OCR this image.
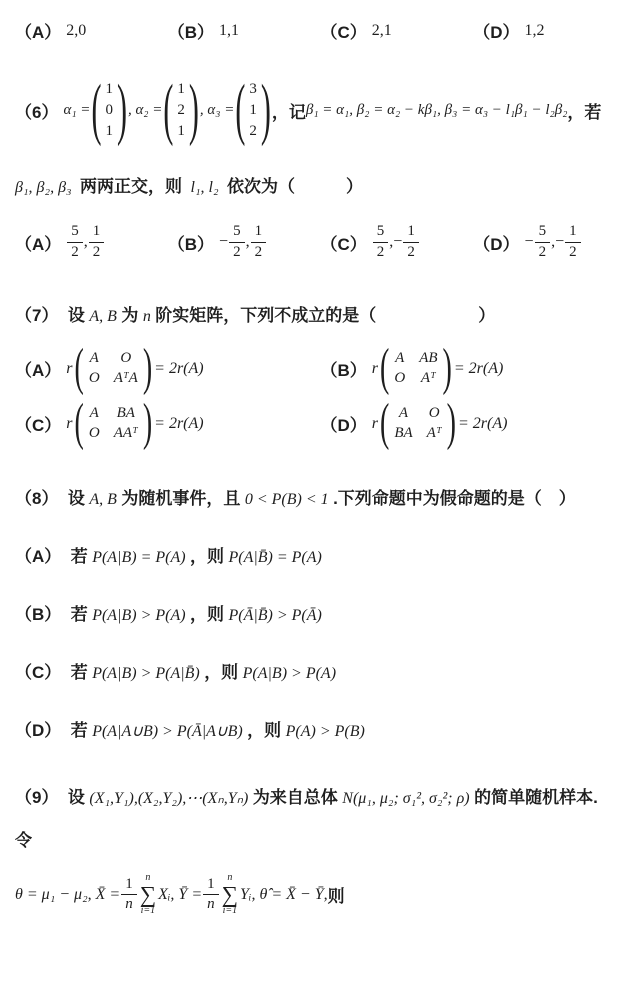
（A） 2,0	（B） 1,1	（C） 2,1	（D） 1,2
（6） α₁ = ( 1
0
1 ) , α₂ = ( 1
2
1 ) , α₃ = ( 3
1
2 ) ，记 β₁ = α₁, β₂ = α₂ − kβ₁, β₃ = α₃ − l₁β₁ − l₂β₂ ，若
β₁, β₂, β₃  两两正交，则  l₁, l₂  依次为（　　　）
$(A) \frac{5}{2}$ , $\frac{1}{2}$	$(B) - \frac{5}{2}$ , $\frac{1}{2}$	$(C) \frac{5}{2}$ , − $\frac{1}{2}$	$(D) - \frac{5}{2}$ , − $\frac{1}{2}$
（7） 设 A, B 为 n 阶实矩阵，下列不成立的是（　　　　　　）
（A） r ( A O
O AᵀA ) = 2r(A)	（B） r ( A AB
O Aᵀ ) = 2r(A)
（C） r ( A BA
O AAᵀ ) = 2r(A)	（D） r ( A O
BA Aᵀ ) = 2r(A)
（8） 设 A, B 为随机事件，且 0 < P(B) < 1 .下列命题中为假命题的是（　）
（A） 若 P(A|B) = P(A) ，则 P(A|B̄) = P(A)
（B） 若 P(A|B) > P(A) ，则 P(Ā|B̄) > P(Ā)
（C） 若 P(A|B) > P(A|B̄) ，则 P(A|B) > P(A)
（D） 若 P(A|A∪B) > P(Ā|A∪B) ，则 P(A) > P(B)
（9） 设 (X₁,Y₁),(X₂,Y₂),⋯(Xₙ,Yₙ) 为来自总体 N(μ₁, μ₂; σ₁², σ₂²; ρ) 的简单随机样本.
令
θ = μ₁ − μ₂, X̄ = $\frac{1}{n}$ n
∑
i=1
Xᵢ, Ȳ = $\frac{1}{n}$ n
∑
i=1
Yᵢ, θ̂ = X̄ − Ȳ, 则
